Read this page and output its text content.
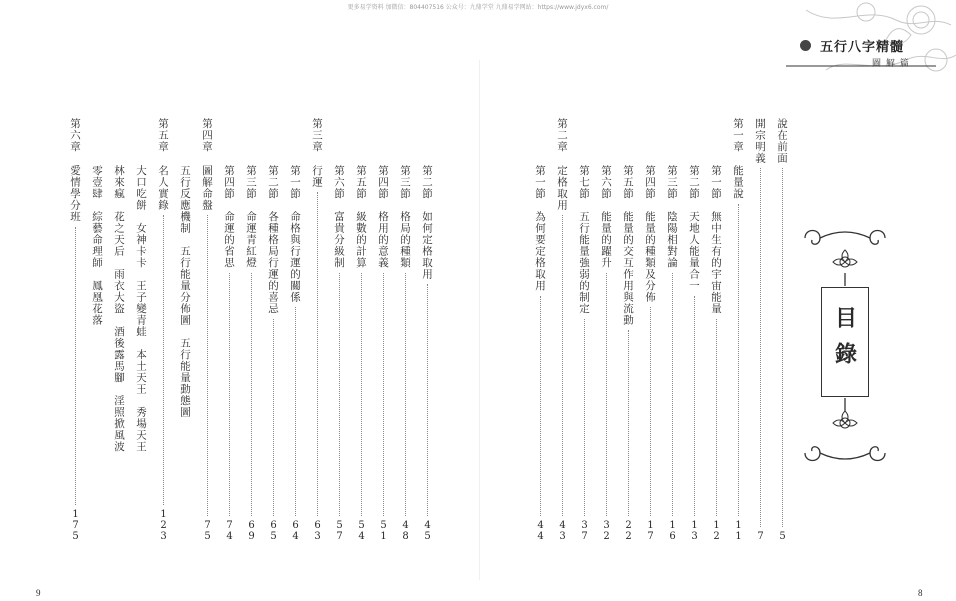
更多易学资料 加微信：804407516 公众号：九鼎学堂 九鼎易学网站：https://www.jdyx6.com/
五行八字精髓
圖 解 篇
說在前面
5
開宗明義
7
第一章
能量說
11
第一節　無中生有的宇宙能量
12
第二節　天地人能量合一
13
第三節　陰陽相對論
16
第四節　能量的種類及分佈
17
第五節　能量的交互作用與流動
22
第六節　能量的躍升
32
第七節　五行能量強弱的制定
37
第二章
定格取用
43
第一節　為何要定格取用
44
第二節　如何定格取用
45
第三節　格局的種類
48
第四節　格用的意義
51
第五節　級數的計算
54
第六節　富貴分級制
57
行運
63
第三章
第一節　命格與行運的關係
64
第二節　各種格局行運的喜忌
65
第三節　命運青紅燈
69
第四節　命運的省思
74
圖解命盤
75
第四章
五行反應機制　五行能量分佈圖　五行能量動態圖
名人實錄
123
第五章
大口吃餅　女神卡卡　王子變青蛙　本土天王　秀場天王
林來瘋　花之天后　雨衣大盜　酒後露馬腳　淫照掀風波
零壹肆　綜藝命理師　鳳凰花落
愛情學分班
175
第六章
目錄
9	8
